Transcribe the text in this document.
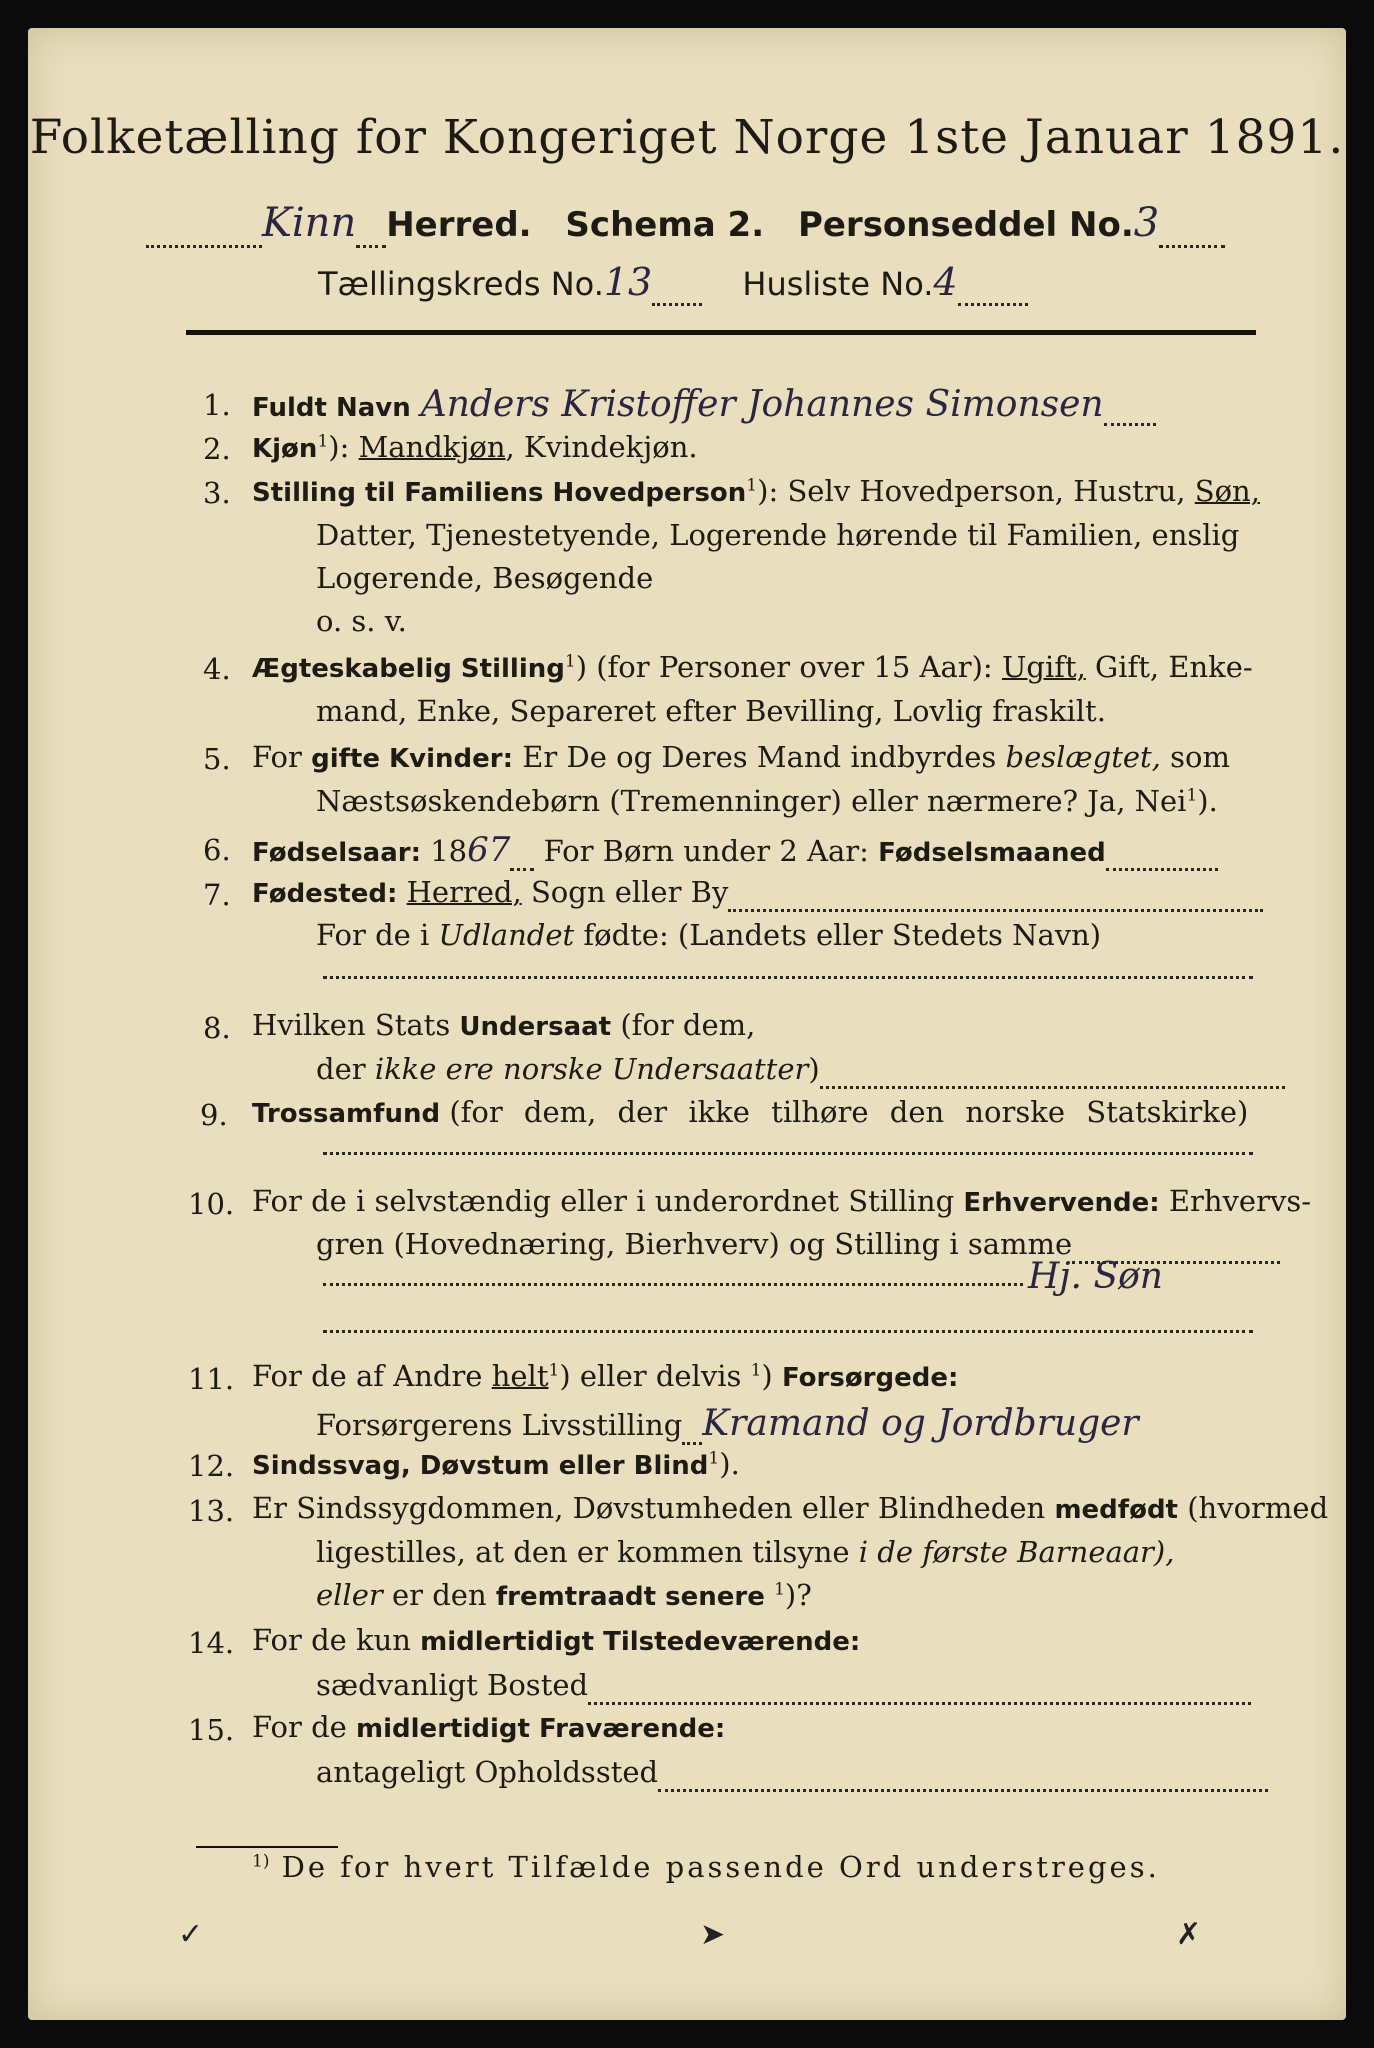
Folketælling for Kongeriget Norge 1ste Januar 1891.
Kinn Herred. Schema 2. Personseddel No.3
Tællingskreds No.13	Husliste No.4
1. Fuldt Navn Anders Kristoffer Johannes Simonsen
2. Kjøn$^1$): Mandkjøn, Kvindekjøn.
3. Stilling til Familiens Hovedperson$^1$): Selv Hovedperson, Hustru, Søn,
Datter, Tjenestetyende, Logerende hørende til Familien, enslig
Logerende, Besøgende
o. s. v.
4. Ægteskabelig Stilling$^1$) (for Personer over 15 Aar): Ugift, Gift, Enke-
mand, Enke, Separeret efter Bevilling, Lovlig fraskilt.
5. For gifte Kvinder: Er De og Deres Mand indbyrdes beslægtet, som
Næstsøskendebørn (Tremenninger) eller nærmere? Ja, Nei$^1$).
6. Fødselsaar: 1867 For Børn under 2 Aar: Fødselsmaaned
7. Fødested: Herred, Sogn eller By
For de i Udlandet fødte: (Landets eller Stedets Navn)
8. Hvilken Stats Undersaat (for dem,
der ikke ere norske Undersaatter)
9. Trossamfund (for dem, der ikke tilhøre den norske Statskirke)
10. For de i selvstændig eller i underordnet Stilling Erhvervende: Erhvervs-
gren (Hovednæring, Bierhverv) og Stilling i samme
Hj. Søn
11. For de af Andre helt$^1$) eller delvis $^1$) Forsørgede:
Forsørgerens Livsstilling Kramand og Jordbruger
12. Sindssvag, Døvstum eller Blind$^1$).
13. Er Sindssygdommen, Døvstumheden eller Blindheden medfødt (hvormed
ligestilles, at den er kommen tilsyne i de første Barneaar),
eller er den fremtraadt senere $^1$)?
14. For de kun midlertidigt Tilstedeværende:
sædvanligt Bosted
15. For de midlertidigt Fraværende:
antageligt Opholdssted
$^{1)}$ De for hvert Tilfælde passende Ord understreges.
✓	➤	✗
